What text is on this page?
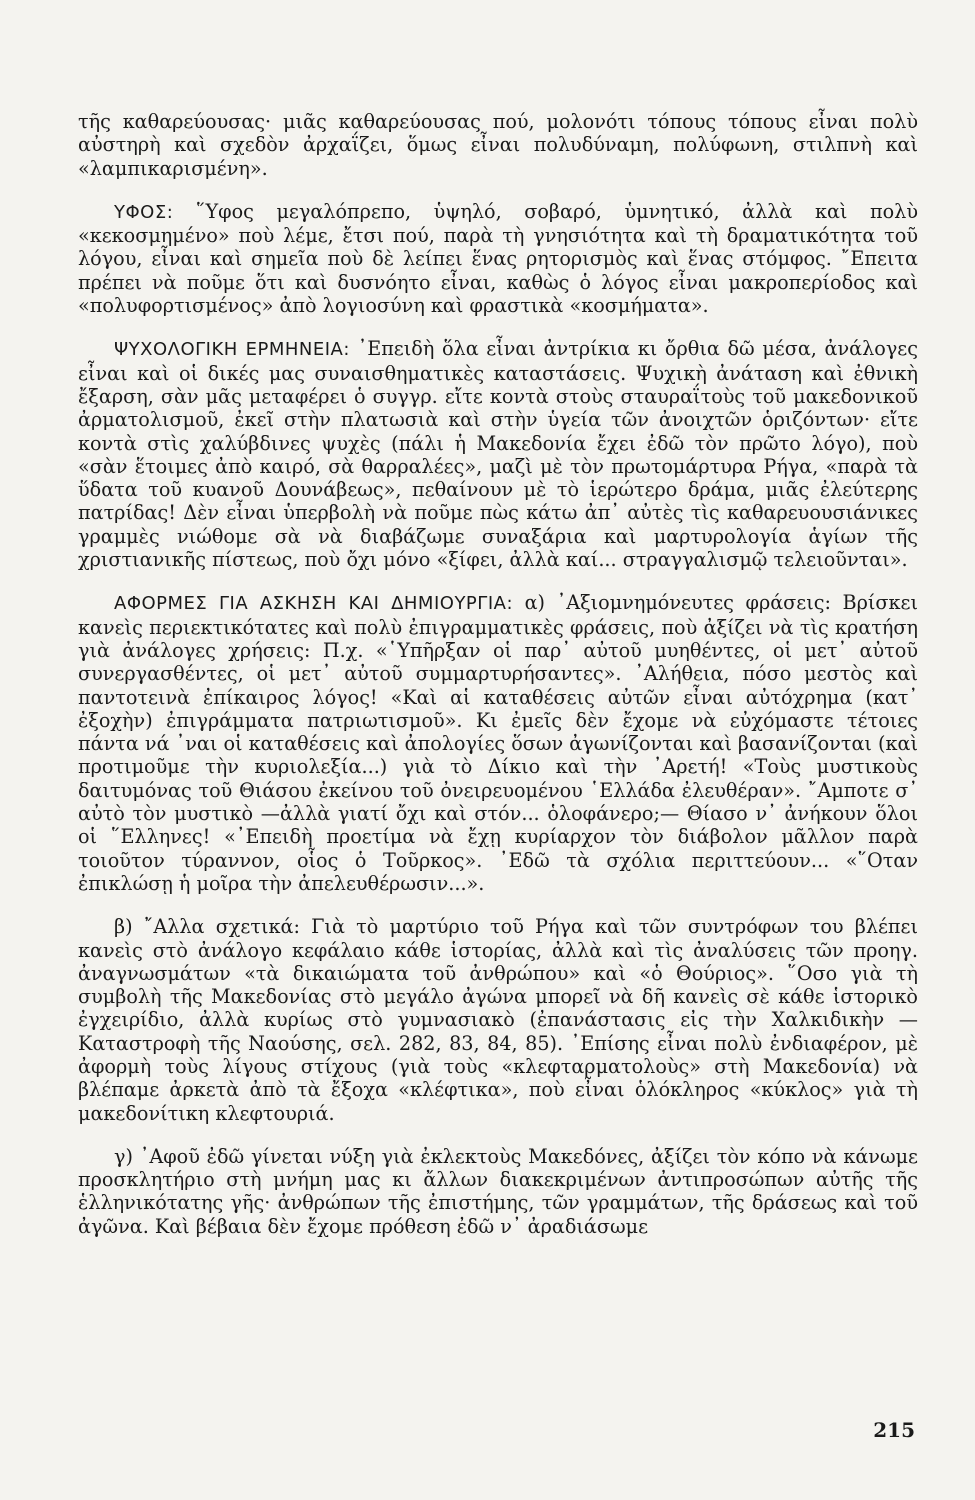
τῆς καθαρεύουσας· μιᾶς καθαρεύουσας πού, μολονότι τόπους τόπους εἶναι πολὺ αὐστηρὴ καὶ σχεδὸν ἀρχαΐζει, ὅμως εἶναι πολυδύναμη, πολύφωνη, στιλπνὴ καὶ «λαμπικαρισμένη».

ΥΦΟΣ: ῞Υφος μεγαλόπρεπο, ὑψηλό, σοβαρό, ὑμνητικό, ἀλλὰ καὶ πολὺ «κεκοσμημένο» ποὺ λέμε, ἔτσι πού, παρὰ τὴ γνησιότητα καὶ τὴ δραματικότητα τοῦ λόγου, εἶναι καὶ σημεῖα ποὺ δὲ λείπει ἕνας ρητορισμὸς καὶ ἕνας στόμφος. ῎Επειτα πρέπει νὰ ποῦμε ὅτι καὶ δυσνόητο εἶναι, καθὼς ὁ λόγος εἶναι μακροπερίοδος καὶ «πολυφορτισμένος» ἀπὸ λογιοσύνη καὶ φραστικὰ «κοσμήματα».

ΨΥΧΟΛΟΓΙΚΗ ΕΡΜΗΝΕΙΑ: ᾿Επειδὴ ὅλα εἶναι ἀντρίκια κι ὄρθια δῶ μέσα, ἀνάλογες εἶναι καὶ οἱ δικές μας συναισθηματικὲς καταστάσεις. Ψυχικὴ ἀνάταση καὶ ἐθνικὴ ἔξαρση, σὰν μᾶς μεταφέρει ὁ συγγρ. εἴτε κοντὰ στοὺς σταυραΐτοὺς τοῦ μακεδονικοῦ ἀρματολισμοῦ, ἐκεῖ στὴν πλατωσιὰ καὶ στὴν ὑγεία τῶν ἀνοιχτῶν ὁριζόντων· εἴτε κοντὰ στὶς χαλύβδινες ψυχὲς (πάλι ἡ Μακεδονία ἔχει ἐδῶ τὸν πρῶτο λόγο), ποὺ «σὰν ἕτοιμες ἀπὸ καιρό, σὰ θαρραλέες», μαζὶ μὲ τὸν πρωτομάρτυρα Ρήγα, «παρὰ τὰ ὕδατα τοῦ κυανοῦ Δουνάβεως», πεθαίνουν μὲ τὸ ἱερώτερο δράμα, μιᾶς ἐλεύτερης πατρίδας! Δὲν εἶναι ὑπερβολὴ νὰ ποῦμε πὼς κάτω ἀπ᾿ αὐτὲς τὶς καθαρευουσιάνικες γραμμὲς νιώθομε σὰ νὰ διαβάζωμε συναξάρια καὶ μαρτυρολογία ἁγίων τῆς χριστιανικῆς πίστεως, ποὺ ὄχι μόνο «ξίφει, ἀλλὰ καί... στραγγαλισμῷ τελειοῦνται».

ΑΦΟΡΜΕΣ ΓΙΑ ΑΣΚΗΣΗ ΚΑΙ ΔΗΜΙΟΥΡΓΙΑ: α) ᾿Αξιομνημόνευτες φράσεις: Βρίσκει κανεὶς περιεκτικότατες καὶ πολὺ ἐπιγραμματικὲς φράσεις, ποὺ ἀξίζει νὰ τὶς κρατήση γιὰ ἀνάλογες χρήσεις: Π.χ. «῾Υπῆρξαν οἱ παρ᾿ αὐτοῦ μυηθέντες, οἱ μετ᾿ αὐτοῦ συνεργασθέντες, οἱ μετ᾿ αὐτοῦ συμμαρτυρήσαντες». ᾿Αλήθεια, πόσο μεστὸς καὶ παντοτεινὰ ἐπίκαιρος λόγος! «Καὶ αἱ καταθέσεις αὐτῶν εἶναι αὐτόχρημα (κατ᾿ ἐξοχὴν) ἐπιγράμματα πατριωτισμοῦ». Κι ἐμεῖς δὲν ἔχομε νὰ εὐχόμαστε τέτοιες πάντα νά ᾿ναι οἱ καταθέσεις καὶ ἀπολογίες ὅσων ἀγωνίζονται καὶ βασανίζονται (καὶ προτιμοῦμε τὴν κυριολεξία...) γιὰ τὸ Δίκιο καὶ τὴν ᾿Αρετή! «Τοὺς μυστικοὺς δαιτυμόνας τοῦ Θιάσου ἐκείνου τοῦ ὀνειρευομένου ῾Ελλάδα ἐλευθέραν». ῎Αμποτε σ᾿ αὐτὸ τὸν μυστικὸ —ἀλλὰ γιατί ὄχι καὶ στόν... ὁλοφάνερο;— Θίασο ν᾿ ἀνήκουν ὅλοι οἱ ῞Ελληνες! «᾿Επειδὴ προετίμα νὰ ἔχῃ κυρίαρχον τὸν διάβολον μᾶλλον παρὰ τοιοῦτον τύραννον, οἷος ὁ Τοῦρκος». ᾿Εδῶ τὰ σχόλια περιττεύουν... «῞Οταν ἐπικλώσῃ ἡ μοῖρα τὴν ἀπελευθέρωσιν...».

β) ῎Αλλα σχετικά: Γιὰ τὸ μαρτύριο τοῦ Ρήγα καὶ τῶν συντρόφων του βλέπει κανεὶς στὸ ἀνάλογο κεφάλαιο κάθε ἱστορίας, ἀλλὰ καὶ τὶς ἀναλύσεις τῶν προηγ. ἀναγνωσμάτων «τὰ δικαιώματα τοῦ ἀνθρώπου» καὶ «ὁ Θούριος». ῞Οσο γιὰ τὴ συμβολὴ τῆς Μακεδονίας στὸ μεγάλο ἀγώνα μπορεῖ νὰ δῆ κανεὶς σὲ κάθε ἱστορικὸ ἐγχειρίδιο, ἀλλὰ κυρίως στὸ γυμνασιακὸ (ἐπανάστασις εἰς τὴν Χαλκιδικὴν — Καταστροφὴ τῆς Ναούσης, σελ. 282, 83, 84, 85). ᾿Επίσης εἶναι πολὺ ἐνδιαφέρον, μὲ ἀφορμὴ τοὺς λίγους στίχους (γιὰ τοὺς «κλεφταρματολοὺς» στὴ Μακεδονία) νὰ βλέπαμε ἀρκετὰ ἀπὸ τὰ ἔξοχα «κλέφτικα», ποὺ εἶναι ὁλόκληρος «κύκλος» γιὰ τὴ μακεδονίτικη κλεφτουριά.

γ) ᾿Αφοῦ ἐδῶ γίνεται νύξη γιὰ ἐκλεκτοὺς Μακεδόνες, ἀξίζει τὸν κόπο νὰ κάνωμε προσκλητήριο στὴ μνήμη μας κι ἄλλων διακεκριμένων ἀντιπροσώπων αὐτῆς τῆς ἑλληνικότατης γῆς· ἀνθρώπων τῆς ἐπιστήμης, τῶν γραμμάτων, τῆς δράσεως καὶ τοῦ ἀγῶνα. Καὶ βέβαια δὲν ἔχομε πρόθεση ἐδῶ ν᾿ ἀραδιάσωμε

215
